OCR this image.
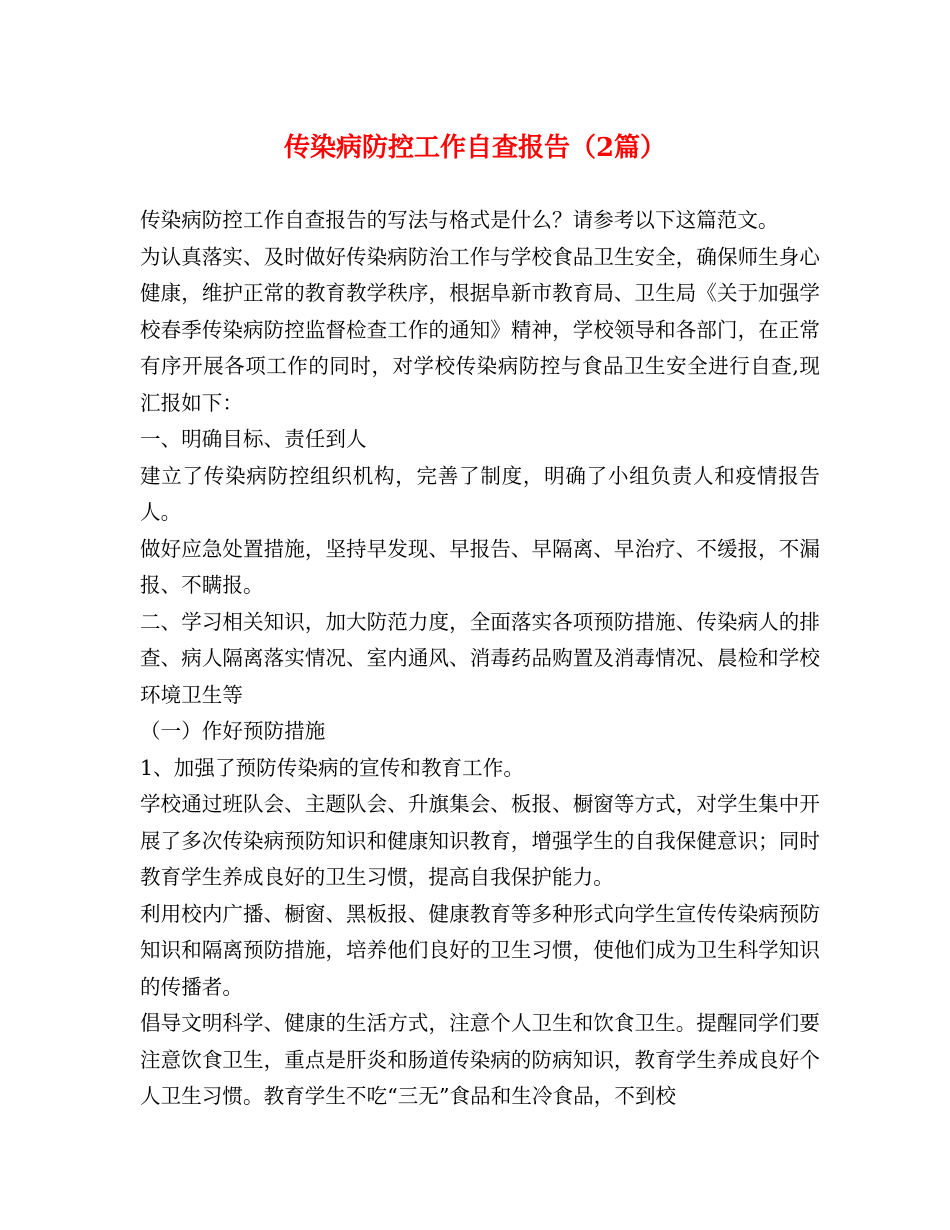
传染病防控工作自查报告（2篇）

传染病防控工作自查报告的写法与格式是什么？请参考以下这篇范文。

为认真落实、及时做好传染病防治工作与学校食品卫生安全，确保师生身心健康，维护正常的教育教学秩序，根据阜新市教育局、卫生局《关于加强学校春季传染病防控监督检查工作的通知》精神，学校领导和各部门，在正常有序开展各项工作的同时，对学校传染病防控与食品卫生安全进行自查,现汇报如下：

一、明确目标、责任到人

建立了传染病防控组织机构，完善了制度，明确了小组负责人和疫情报告人。

做好应急处置措施，坚持早发现、早报告、早隔离、早治疗、不缓报，不漏报、不瞒报。

二、学习相关知识，加大防范力度，全面落实各项预防措施、传染病人的排查、病人隔离落实情况、室内通风、消毒药品购置及消毒情况、晨检和学校环境卫生等

（一）作好预防措施

1、加强了预防传染病的宣传和教育工作。

学校通过班队会、主题队会、升旗集会、板报、橱窗等方式，对学生集中开展了多次传染病预防知识和健康知识教育，增强学生的自我保健意识；同时教育学生养成良好的卫生习惯，提高自我保护能力。

利用校内广播、橱窗、黑板报、健康教育等多种形式向学生宣传传染病预防知识和隔离预防措施，培养他们良好的卫生习惯，使他们成为卫生科学知识的传播者。

倡导文明科学、健康的生活方式，注意个人卫生和饮食卫生。提醒同学们要注意饮食卫生，重点是肝炎和肠道传染病的防病知识，教育学生养成良好个人卫生习惯。教育学生不吃“三无”食品和生冷食品，不到校
